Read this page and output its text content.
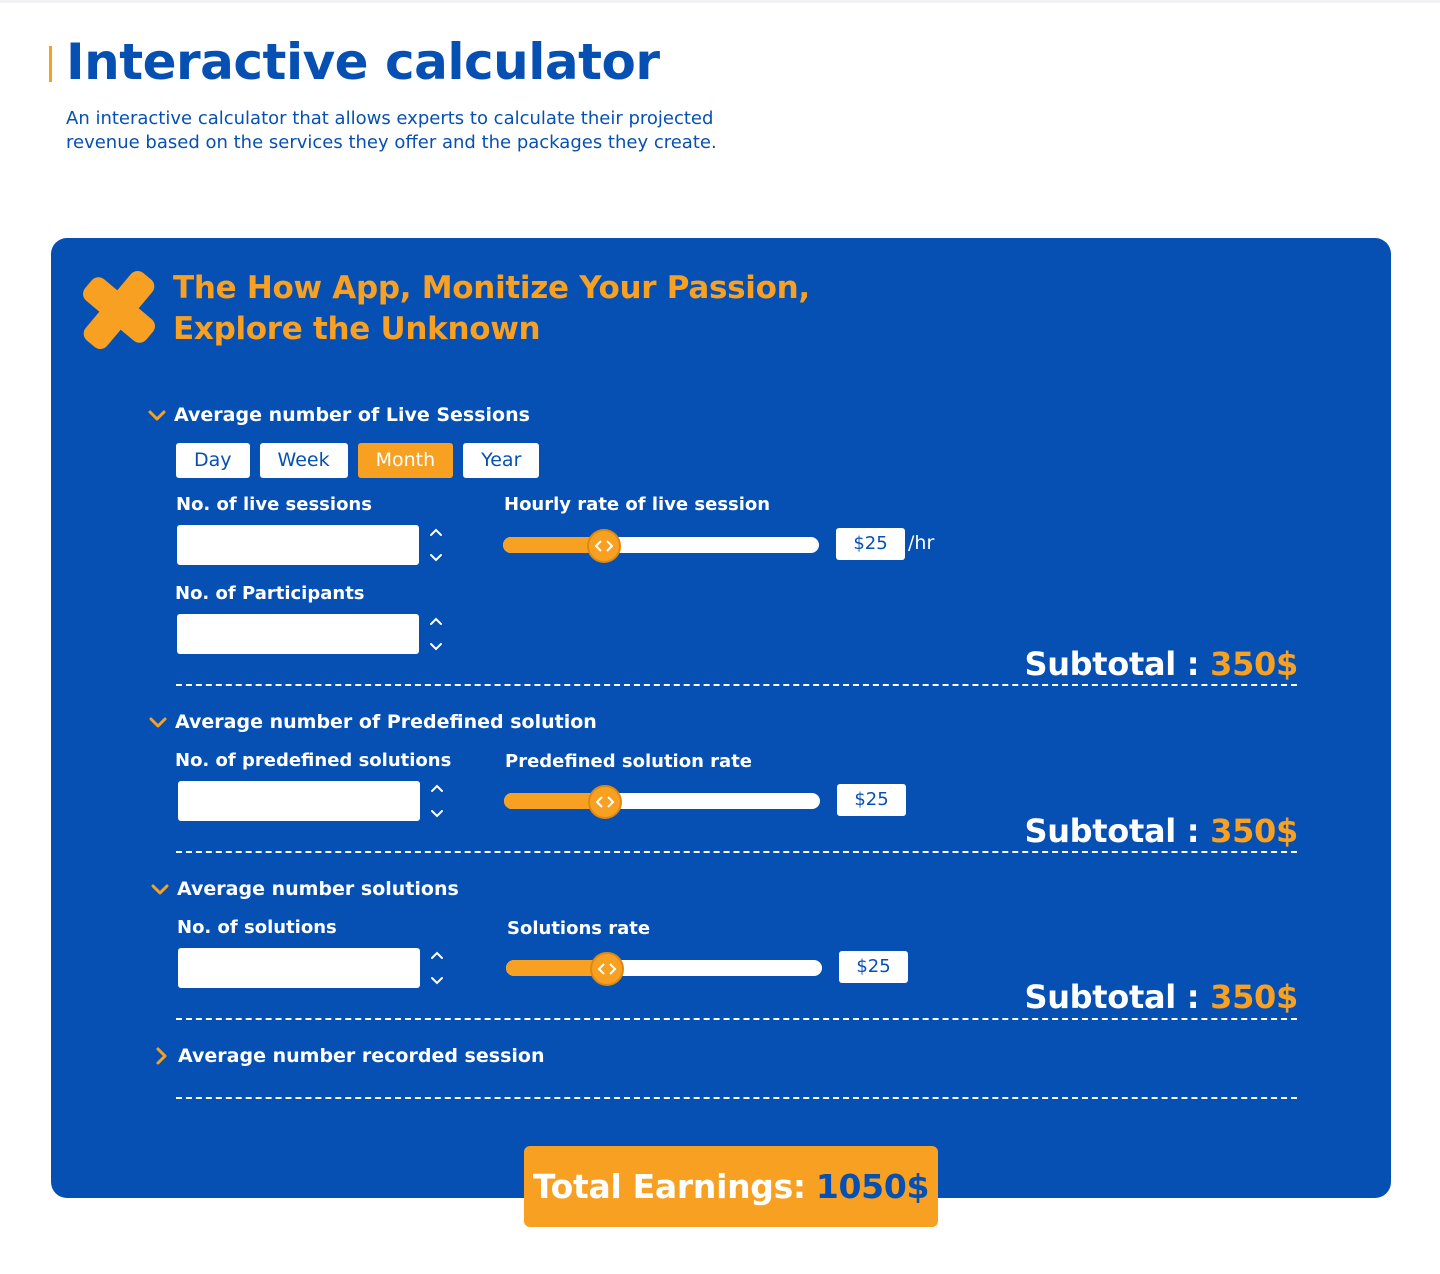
Interactive calculator

An interactive calculator that allows experts to calculate their projected revenue based on the services they offer and the packages they create.

The How App, Monitize Your Passion, Explore the Unknown
Average number of Live Sessions
Day	Week	Month	Year
No. of live sessions	Hourly rate of live session
$25	/hr
No. of Participants
Subtotal : 350$
Average number of Predefined solution
No. of predefined solutions	Predefined solution rate
$25
Subtotal : 350$
Average number solutions
No. of solutions	Solutions rate
$25
Subtotal : 350$
Average number recorded session
Total Earnings: 1050$
